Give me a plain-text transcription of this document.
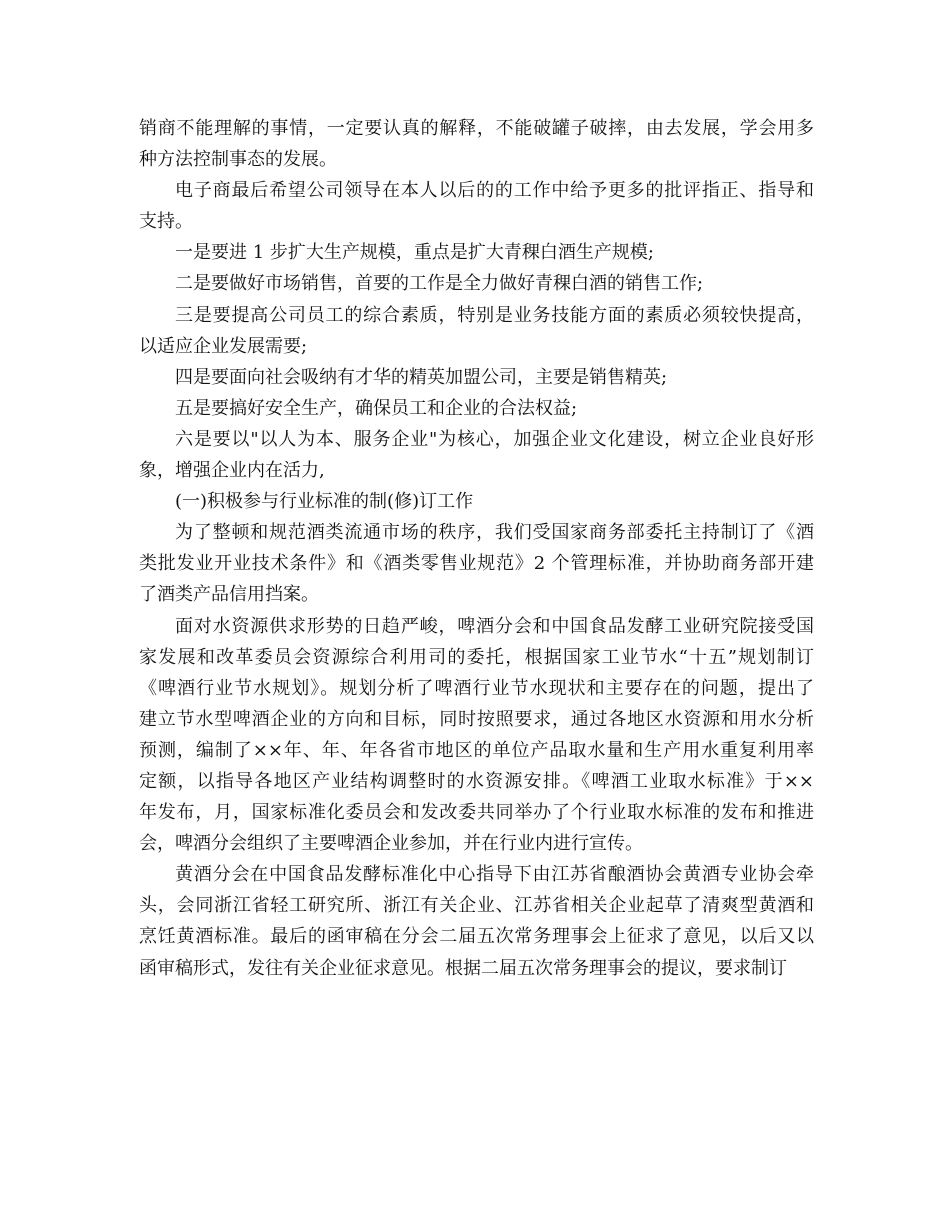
销商不能理解的事情，一定要认真的解释，不能破罐子破摔，由去发展，学会用多
种方法控制事态的发展。
电子商最后希望公司领导在本人以后的的工作中给予更多的批评指正、指导和
支持。
一是要进 1 步扩大生产规模，重点是扩大青稞白酒生产规模;
二是要做好市场销售，首要的工作是全力做好青稞白酒的销售工作;
三是要提高公司员工的综合素质，特别是业务技能方面的素质必须较快提高，
以适应企业发展需要;
四是要面向社会吸纳有才华的精英加盟公司，主要是销售精英;
五是要搞好安全生产，确保员工和企业的合法权益;
六是要以"以人为本、服务企业"为核心，加强企业文化建设，树立企业良好形
象，增强企业内在活力,
(一)积极参与行业标准的制(修)订工作
为了整顿和规范酒类流通市场的秩序，我们受国家商务部委托主持制订了《酒
类批发业开业技术条件》和《酒类零售业规范》2 个管理标准，并协助商务部开建
了酒类产品信用挡案。
面对水资源供求形势的日趋严峻，啤酒分会和中国食品发酵工业研究院接受国
家发展和改革委员会资源综合利用司的委托，根据国家工业节水“十五”规划制订
《啤酒行业节水规划》。规划分析了啤酒行业节水现状和主要存在的问题，提出了
建立节水型啤酒企业的方向和目标，同时按照要求，通过各地区水资源和用水分析
预测，编制了××年、年、年各省市地区的单位产品取水量和生产用水重复利用率
定额，以指导各地区产业结构调整时的水资源安排。《啤酒工业取水标准》于××
年发布，月，国家标准化委员会和发改委共同举办了个行业取水标准的发布和推进
会，啤酒分会组织了主要啤酒企业参加，并在行业内进行宣传。
黄酒分会在中国食品发酵标准化中心指导下由江苏省酿酒协会黄酒专业协会牵
头，会同浙江省轻工研究所、浙江有关企业、江苏省相关企业起草了清爽型黄酒和
烹饪黄酒标准。最后的函审稿在分会二届五次常务理事会上征求了意见，以后又以
函审稿形式，发往有关企业征求意见。根据二届五次常务理事会的提议，要求制订
